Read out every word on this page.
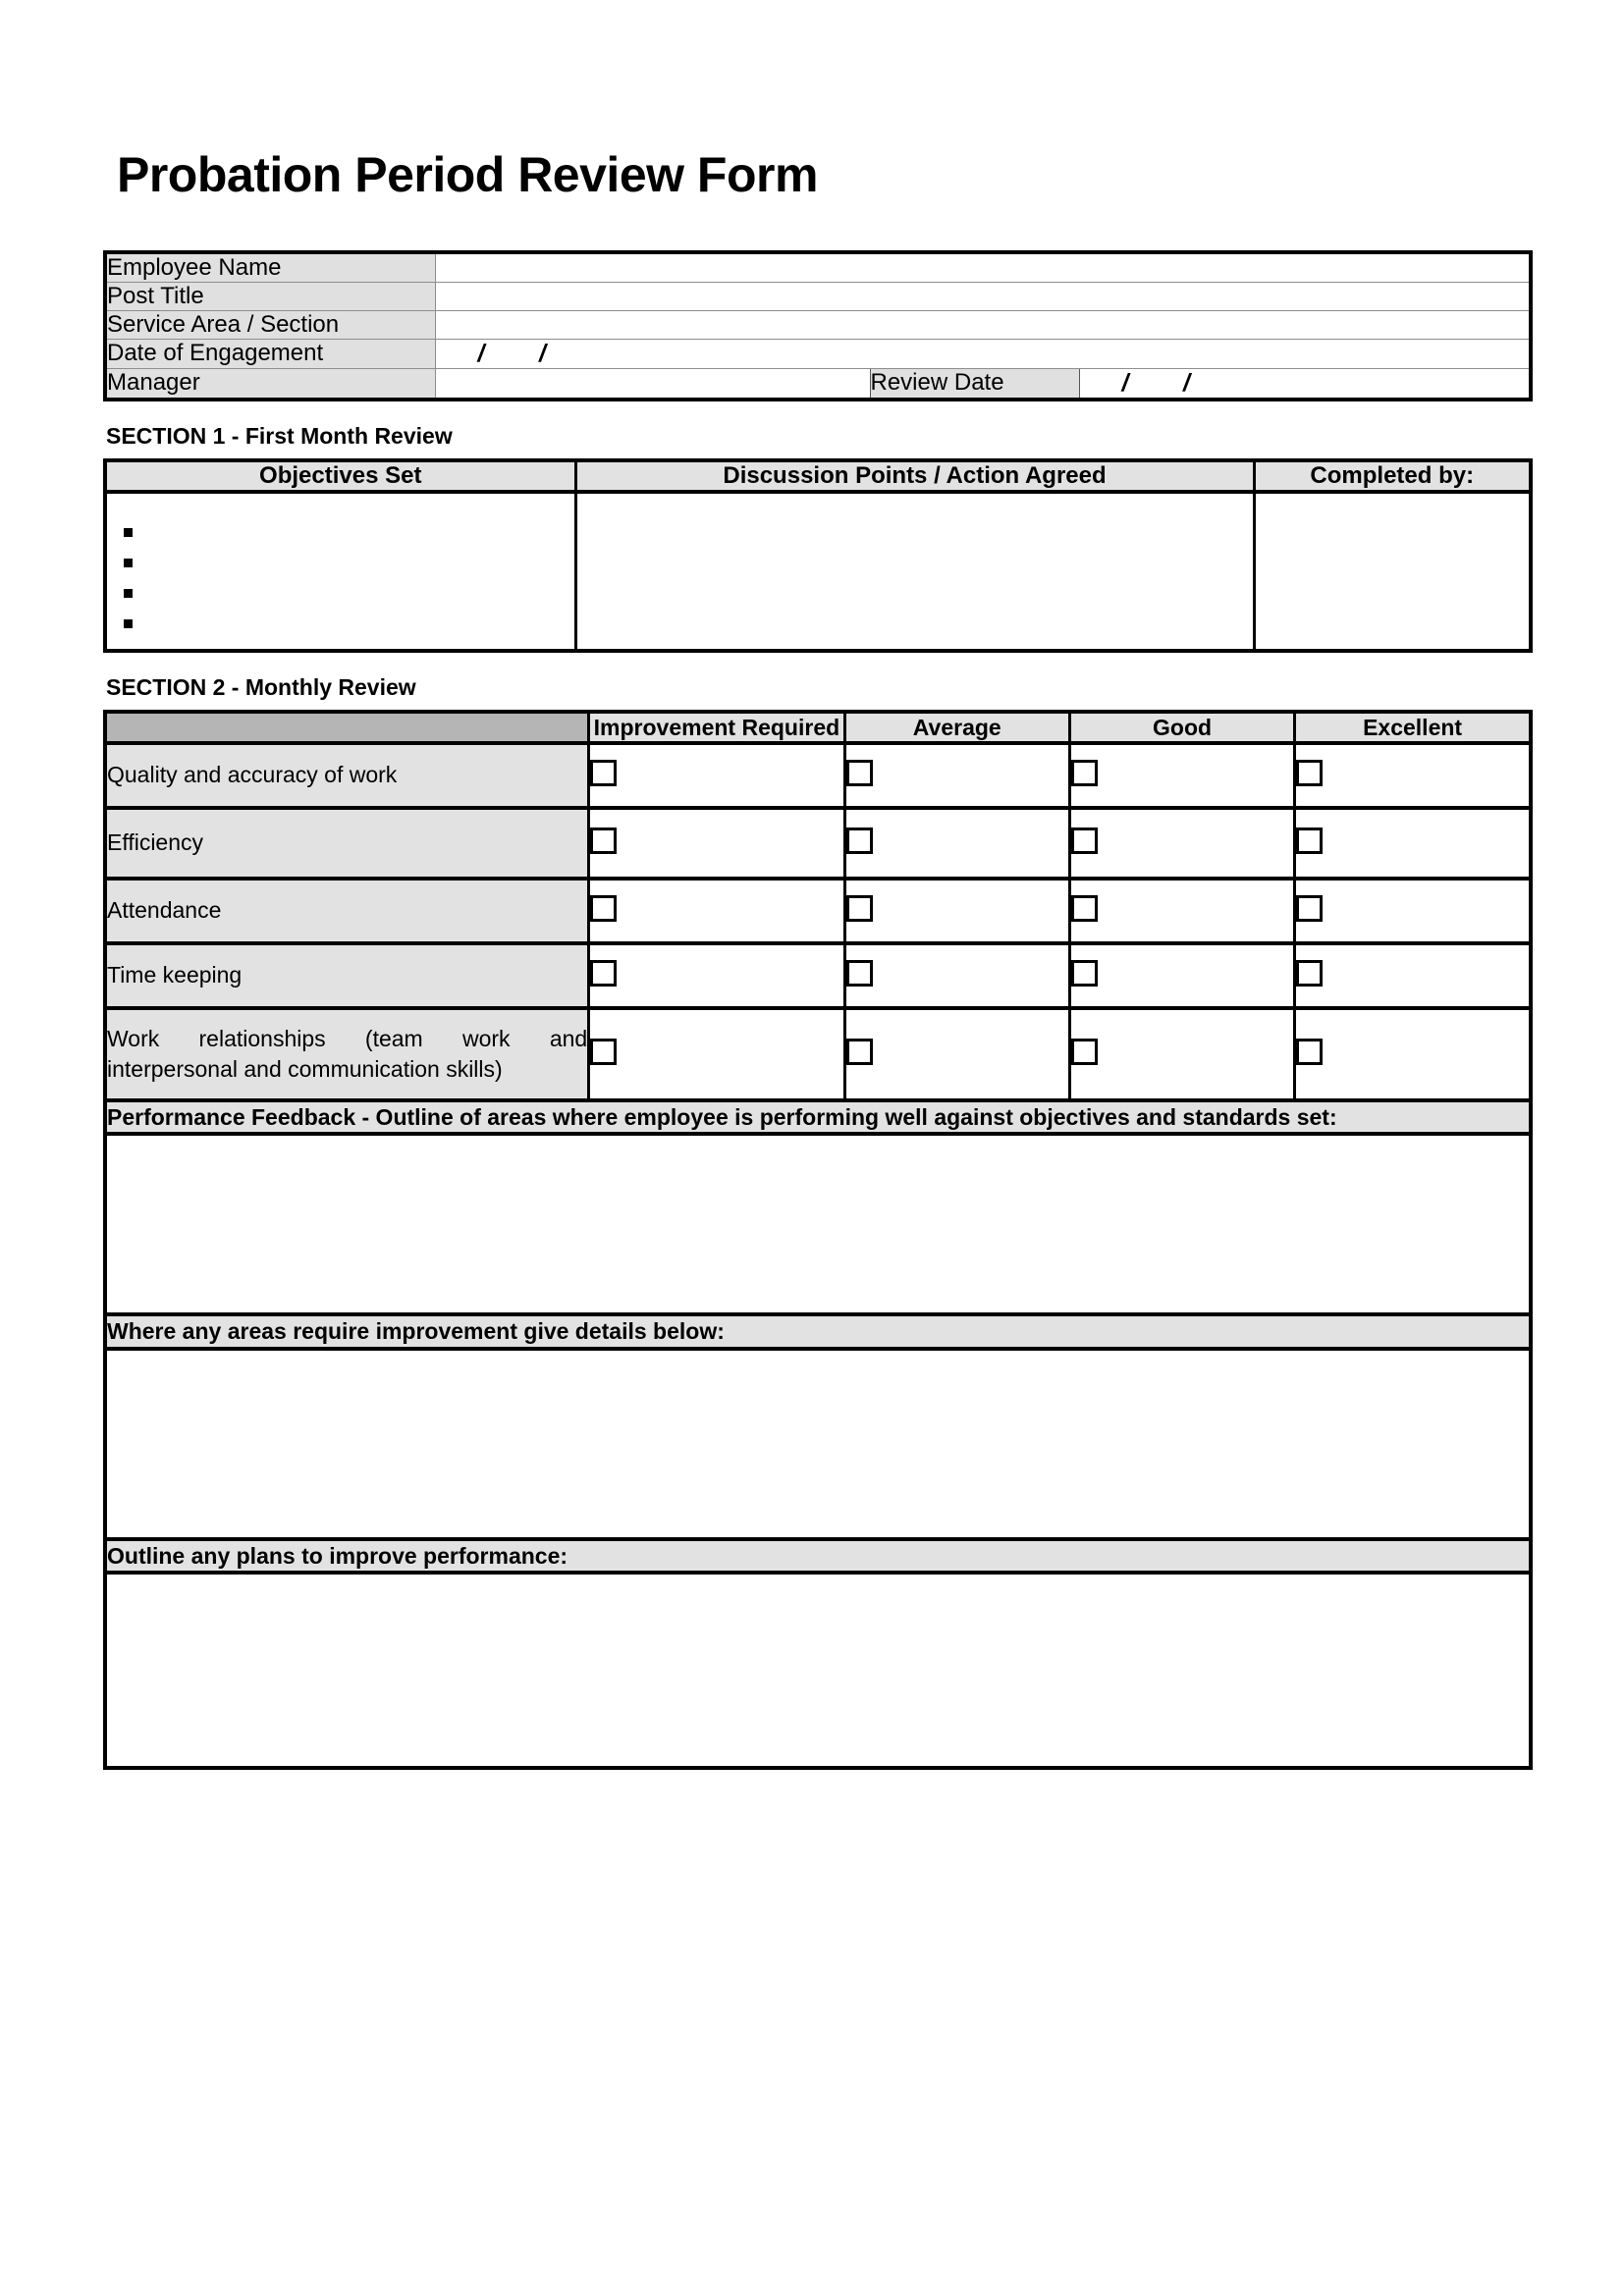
Probation Period Review Form
Employee Name			
Post Title			
Service Area / Section			
Date of Engagement	/        /		
Manager		Review Date	/        /
SECTION 1 - First Month Review
Objectives Set	Discussion Points / Action Agreed	Completed by:

SECTION 2 - Monthly Review
	Improvement Required	Average	Good	Excellent
Quality and accuracy of work				
Efficiency				
Attendance				
Time keeping				
Work relationships (team work and interpersonal and communication skills)				
Performance Feedback - Outline of areas where employee is performing well against objectives and standards set:				

Where any areas require improvement give details below:				

Outline any plans to improve performance:				
